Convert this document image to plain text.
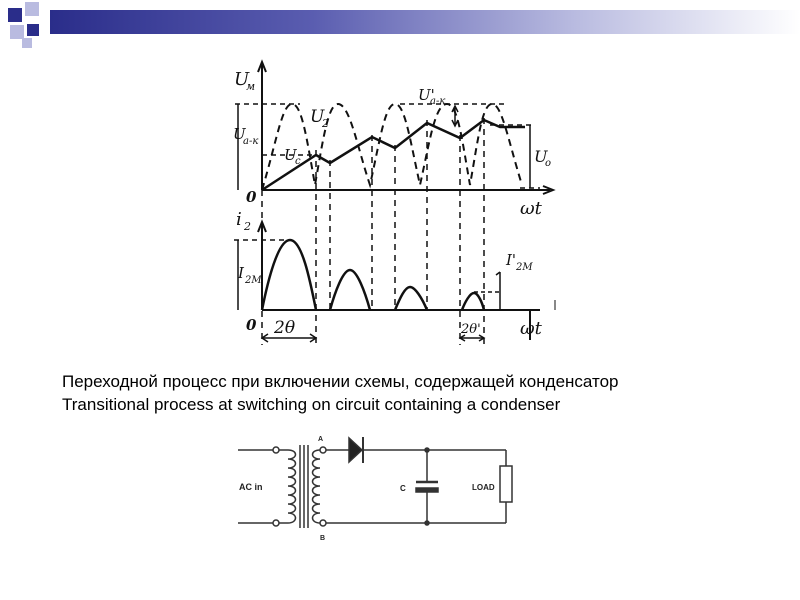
U
м
U
2
U
a-к
U'
a-к
U
c	U
o
ωt
0
i 2
I 2M
I' 2M
2θ	2θ' ωt
0
Переходной процесс при включении схемы, содержащей конденсатор
Transitional process at switching on circuit containing a condenser
AC in
A
B
C	LOAD
